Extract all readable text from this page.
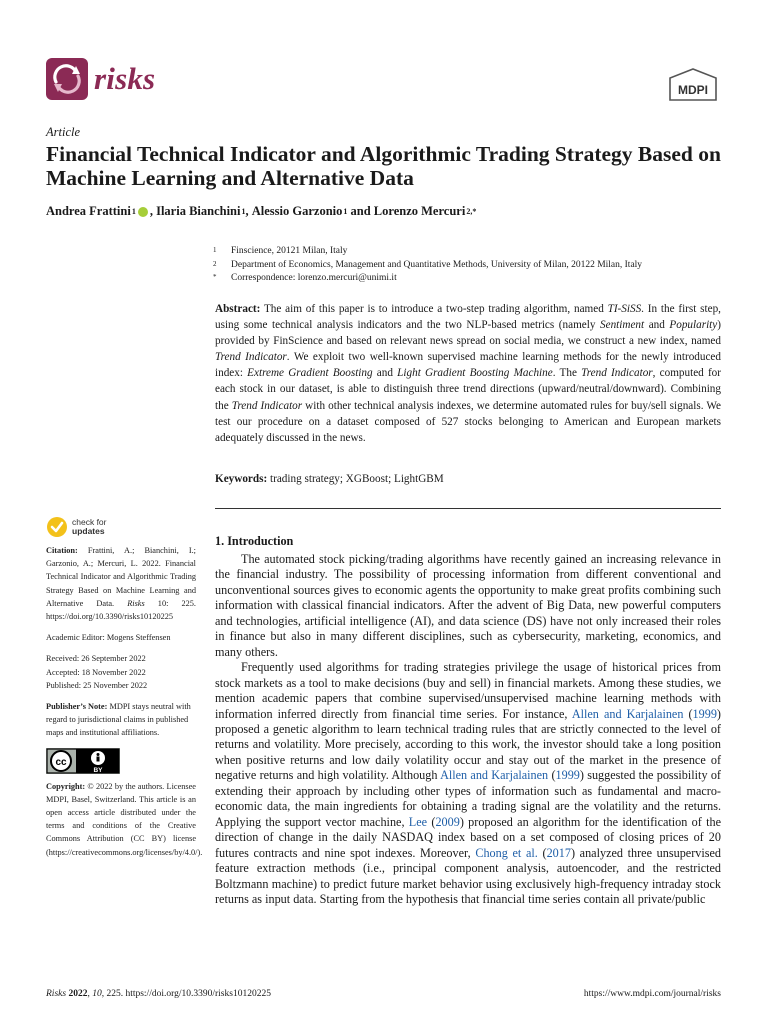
risks	MDPI
Article
Financial Technical Indicator and Algorithmic Trading Strategy Based on Machine Learning and Alternative Data
Andrea Frattini 1 , Ilaria Bianchini 1 , Alessio Garzonio 1 and Lorenzo Mercuri 2,*
1	Finscience, 20121 Milan, Italy
2	Department of Economics, Management and Quantitative Methods, University of Milan, 20122 Milan, Italy
*	Correspondence: lorenzo.mercuri@unimi.it
Abstract: The aim of this paper is to introduce a two-step trading algorithm, named TI-SiSS. In the first step, using some technical analysis indicators and the two NLP-based metrics (namely Sentiment and Popularity) provided by FinScience and based on relevant news spread on social media, we construct a new index, named Trend Indicator. We exploit two well-known supervised machine learning methods for the newly introduced index: Extreme Gradient Boosting and Light Gradient Boosting Machine. The Trend Indicator, computed for each stock in our dataset, is able to distinguish three trend directions (upward/neutral/downward). Combining the Trend Indicator with other technical analysis indexes, we determine automated rules for buy/sell signals. We test our procedure on a dataset composed of 527 stocks belonging to American and European markets adequately discussed in the news.
Keywords: trading strategy; XGBoost; LightGBM
check for
updates

Citation: Frattini, A.; Bianchini, I.; Garzonio, A.; Mercuri, L. 2022. Financial Technical Indicator and Algorithmic Trading Strategy Based on Machine Learning and Alternative Data. Risks 10: 225. https://doi.org/10.3390/risks10120225

Academic Editor: Mogens Steffensen

Received: 26 September 2022
Accepted: 18 November 2022

Published: 25 November 2022

Publisher’s Note: MDPI stays neutral with regard to jurisdictional claims in published maps and institutional affiliations.

cc
BY

Copyright: © 2022 by the authors. Licensee MDPI, Basel, Switzerland. This article is an open access article distributed under the terms and conditions of the Creative Commons Attribution (CC BY) license (https://creativecommons.org/licenses/by/4.0/).

1. Introduction

The automated stock picking/trading algorithms have recently gained an increasing relevance in the financial industry. The possibility of processing information from different conventional and unconventional sources gives to economic agents the opportunity to make great profits combining such information with classical financial indicators. After the advent of Big Data, new powerful computers and technologies, artificial intelligence (AI), and data science (DS) have not only increased their roles in finance but also in many different disciplines, such as cybersecurity, marketing, economics, and many others.

Frequently used algorithms for trading strategies privilege the usage of historical prices from stock markets as a tool to make decisions (buy and sell) in financial markets. Among these studies, we mention academic papers that combine supervised/unsupervised machine learning methods with information inferred directly from financial time series. For instance, Allen and Karjalainen (1999) proposed a genetic algorithm to learn technical trading rules that are strictly connected to the level of returns and volatility. More precisely, according to this work, the investor should take a long position when positive returns and low daily volatility occur and stay out of the market in the presence of negative returns and high volatility. Although Allen and Karjalainen (1999) suggested the possibility of extending their approach by including other types of information such as fundamental and macro-economic data, the main ingredients for obtaining a trading signal are the volatility and the returns. Applying the support vector machine, Lee (2009) proposed an algorithm for the identification of the direction of change in the daily NASDAQ index based on a set composed of closing prices of 20 futures contracts and nine spot indexes. Moreover, Chong et al. (2017) analyzed three unsupervised feature extraction methods (i.e., principal component analysis, autoencoder, and the restricted Boltzmann machine) to predict future market behavior using exclusively high-frequency intraday stock returns as input data. Starting from the hypothesis that financial time series contain all private/public

Risks 2022, 10, 225. https://doi.org/10.3390/risks10120225	https://www.mdpi.com/journal/risks
